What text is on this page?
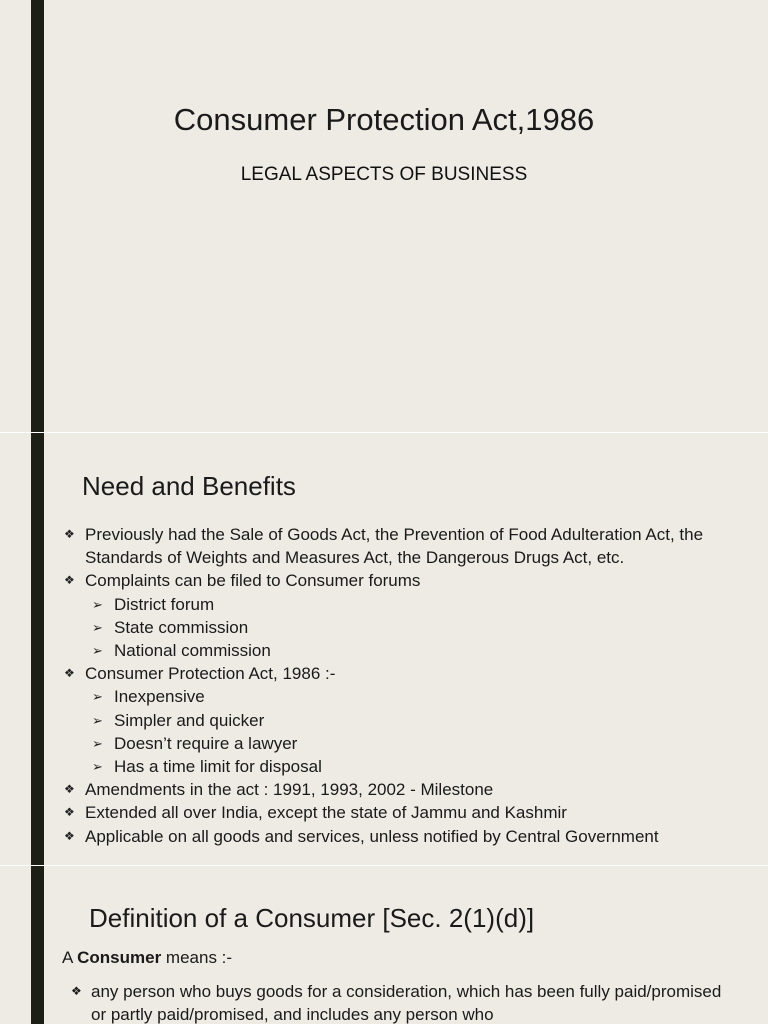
Consumer Protection Act,1986

LEGAL ASPECTS OF BUSINESS

Need and Benefits
❖ Previously had the Sale of Goods Act, the Prevention of Food Adulteration Act, the Standards of Weights and Measures Act, the Dangerous Drugs Act, etc.
❖ Complaints can be filed to Consumer forums
➢ District forum
➢ State commission
➢ National commission
❖ Consumer Protection Act, 1986 :-
➢ Inexpensive
➢ Simpler and quicker
➢ Doesn’t require a lawyer
➢ Has a time limit for disposal
❖ Amendments in the act : 1991, 1993, 2002 - Milestone
❖ Extended all over India, except the state of Jammu and Kashmir
❖ Applicable on all goods and services, unless notified by Central Government
Definition of a Consumer [Sec. 2(1)(d)]

A Consumer means :-

❖ any person who buys goods for a consideration, which has been fully paid/promised or partly paid/promised, and includes any person who
